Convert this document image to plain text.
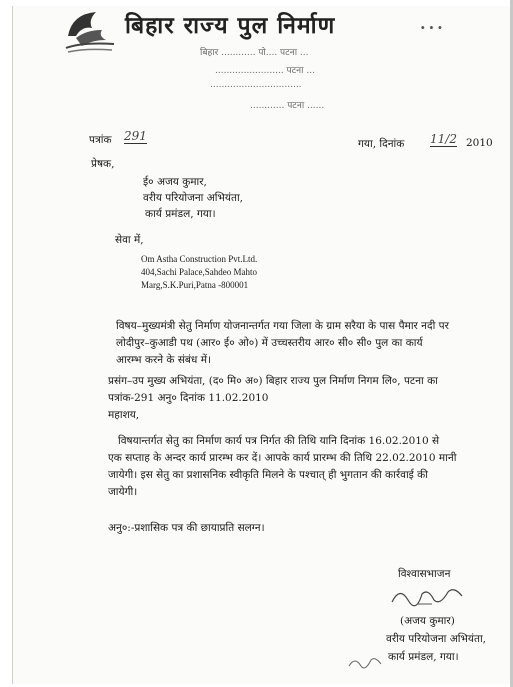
बिहार राज्य पुल निर्माण	...
बिहार ............ पो.... पटना ...
........................ पटना ...
................................
............ पटना ......
पत्रांक 291
गया, दिनांक 11/2 2010
प्रेषक,
ई० अजय कुमार,
वरीय परियोजना अभियंता,
कार्य प्रमंडल, गया।
सेवा में,
Om Astha Construction Pvt.Ltd.
404,Sachi Palace,Sahdeo Mahto
Marg,S.K.Puri,Patna -800001
विषय–मुख्यमंत्री सेतु निर्माण योजनान्तर्गत गया जिला के ग्राम सरैया के पास पैमार नदी पर
लोदीपुर–कुआडी पथ (आर० ई० ओ०) में उच्चस्तरीय आर० सी० सी० पुल का कार्य
आरम्भ करने के संबंध में।
प्रसंग–उप मुख्य अभियंता, (द० मि० अ०) बिहार राज्य पुल निर्माण निगम लि०, पटना का
पत्रांक-291 अनु० दिनांक 11.02.2010
महाशय,
विषयान्तर्गत सेतु का निर्माण कार्य पत्र निर्गत की तिथि यानि दिनांक 16.02.2010 से
एक सप्ताह के अन्दर कार्य प्रारम्भ कर दें। आपके कार्य प्रारम्भ की तिथि 22.02.2010 मानी
जायेगी। इस सेतु का प्रशासनिक स्वीकृति मिलने के पश्चात् ही भुगतान की कार्रवाई की
जायेगी।
अनु०:-प्रशासिक पत्र की छायाप्रति सलग्न।
विश्वासभाजन
(अजय कुमार)
वरीय परियोजना अभियंता,
कार्य प्रमंडल, गया।
